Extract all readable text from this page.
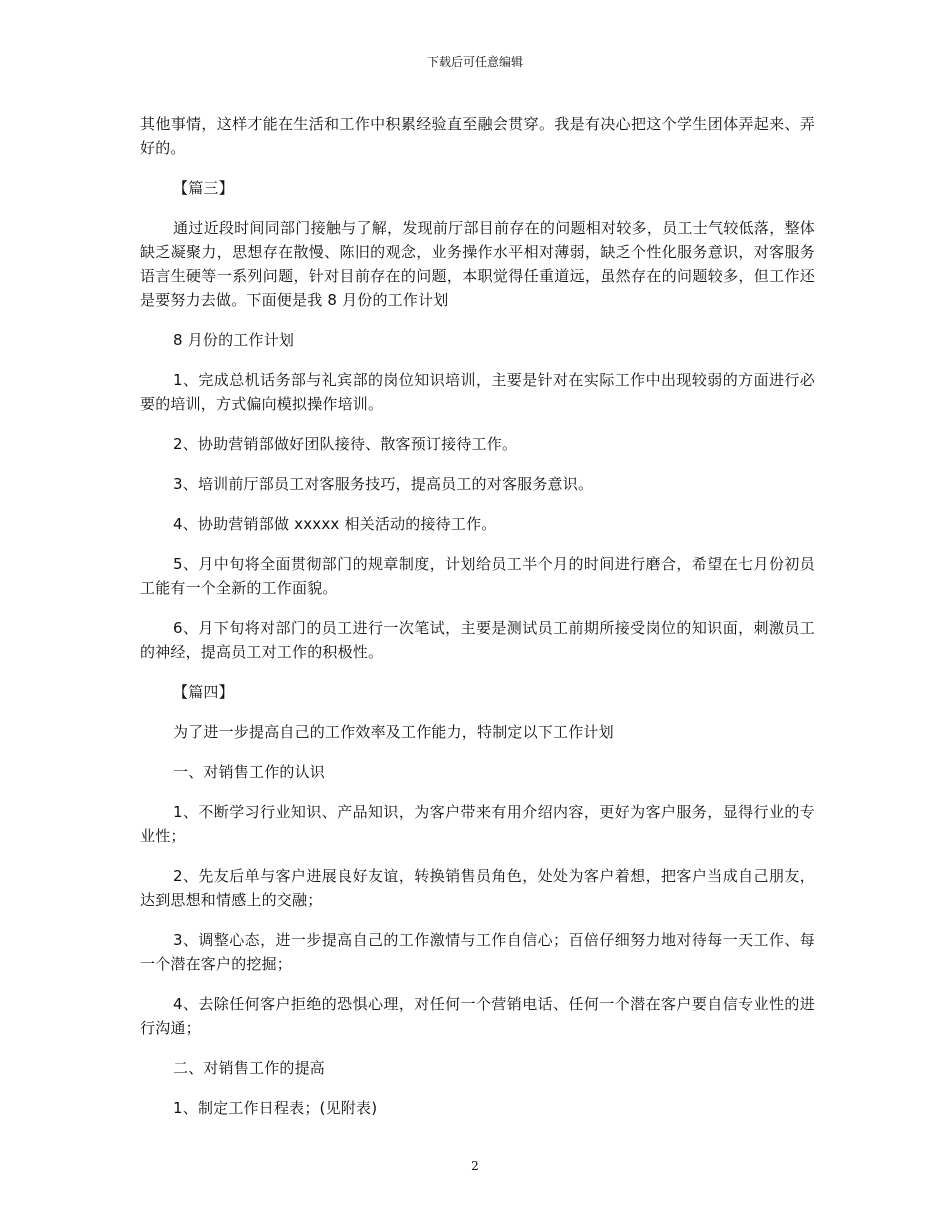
下载后可任意编辑

其他事情，这样才能在生活和工作中积累经验直至融会贯穿。我是有决心把这个学生团体弄起来、弄好的。

【篇三】

通过近段时间同部门接触与了解，发现前厅部目前存在的问题相对较多，员工士气较低落，整体缺乏凝聚力，思想存在散慢、陈旧的观念，业务操作水平相对薄弱，缺乏个性化服务意识，对客服务语言生硬等一系列问题，针对目前存在的问题，本职觉得任重道远，虽然存在的问题较多，但工作还是要努力去做。下面便是我 8 月份的工作计划

8 月份的工作计划

1、完成总机话务部与礼宾部的岗位知识培训，主要是针对在实际工作中出现较弱的方面进行必要的培训，方式偏向模拟操作培训。

2、协助营销部做好团队接待、散客预订接待工作。

3、培训前厅部员工对客服务技巧，提高员工的对客服务意识。

4、协助营销部做 xxxxx 相关活动的接待工作。

5、月中旬将全面贯彻部门的规章制度，计划给员工半个月的时间进行磨合，希望在七月份初员工能有一个全新的工作面貌。

6、月下旬将对部门的员工进行一次笔试，主要是测试员工前期所接受岗位的知识面，刺激员工的神经，提高员工对工作的积极性。

【篇四】

为了进一步提高自己的工作效率及工作能力，特制定以下工作计划

一、对销售工作的认识

1、不断学习行业知识、产品知识，为客户带来有用介绍内容，更好为客户服务，显得行业的专业性；

2、先友后单与客户进展良好友谊，转换销售员角色，处处为客户着想，把客户当成自己朋友，达到思想和情感上的交融；

3、调整心态，进一步提高自己的工作激情与工作自信心；百倍仔细努力地对待每一天工作、每一个潜在客户的挖掘；

4、去除任何客户拒绝的恐惧心理，对任何一个营销电话、任何一个潜在客户要自信专业性的进行沟通；

二、对销售工作的提高

1、制定工作日程表；(见附表)

2
